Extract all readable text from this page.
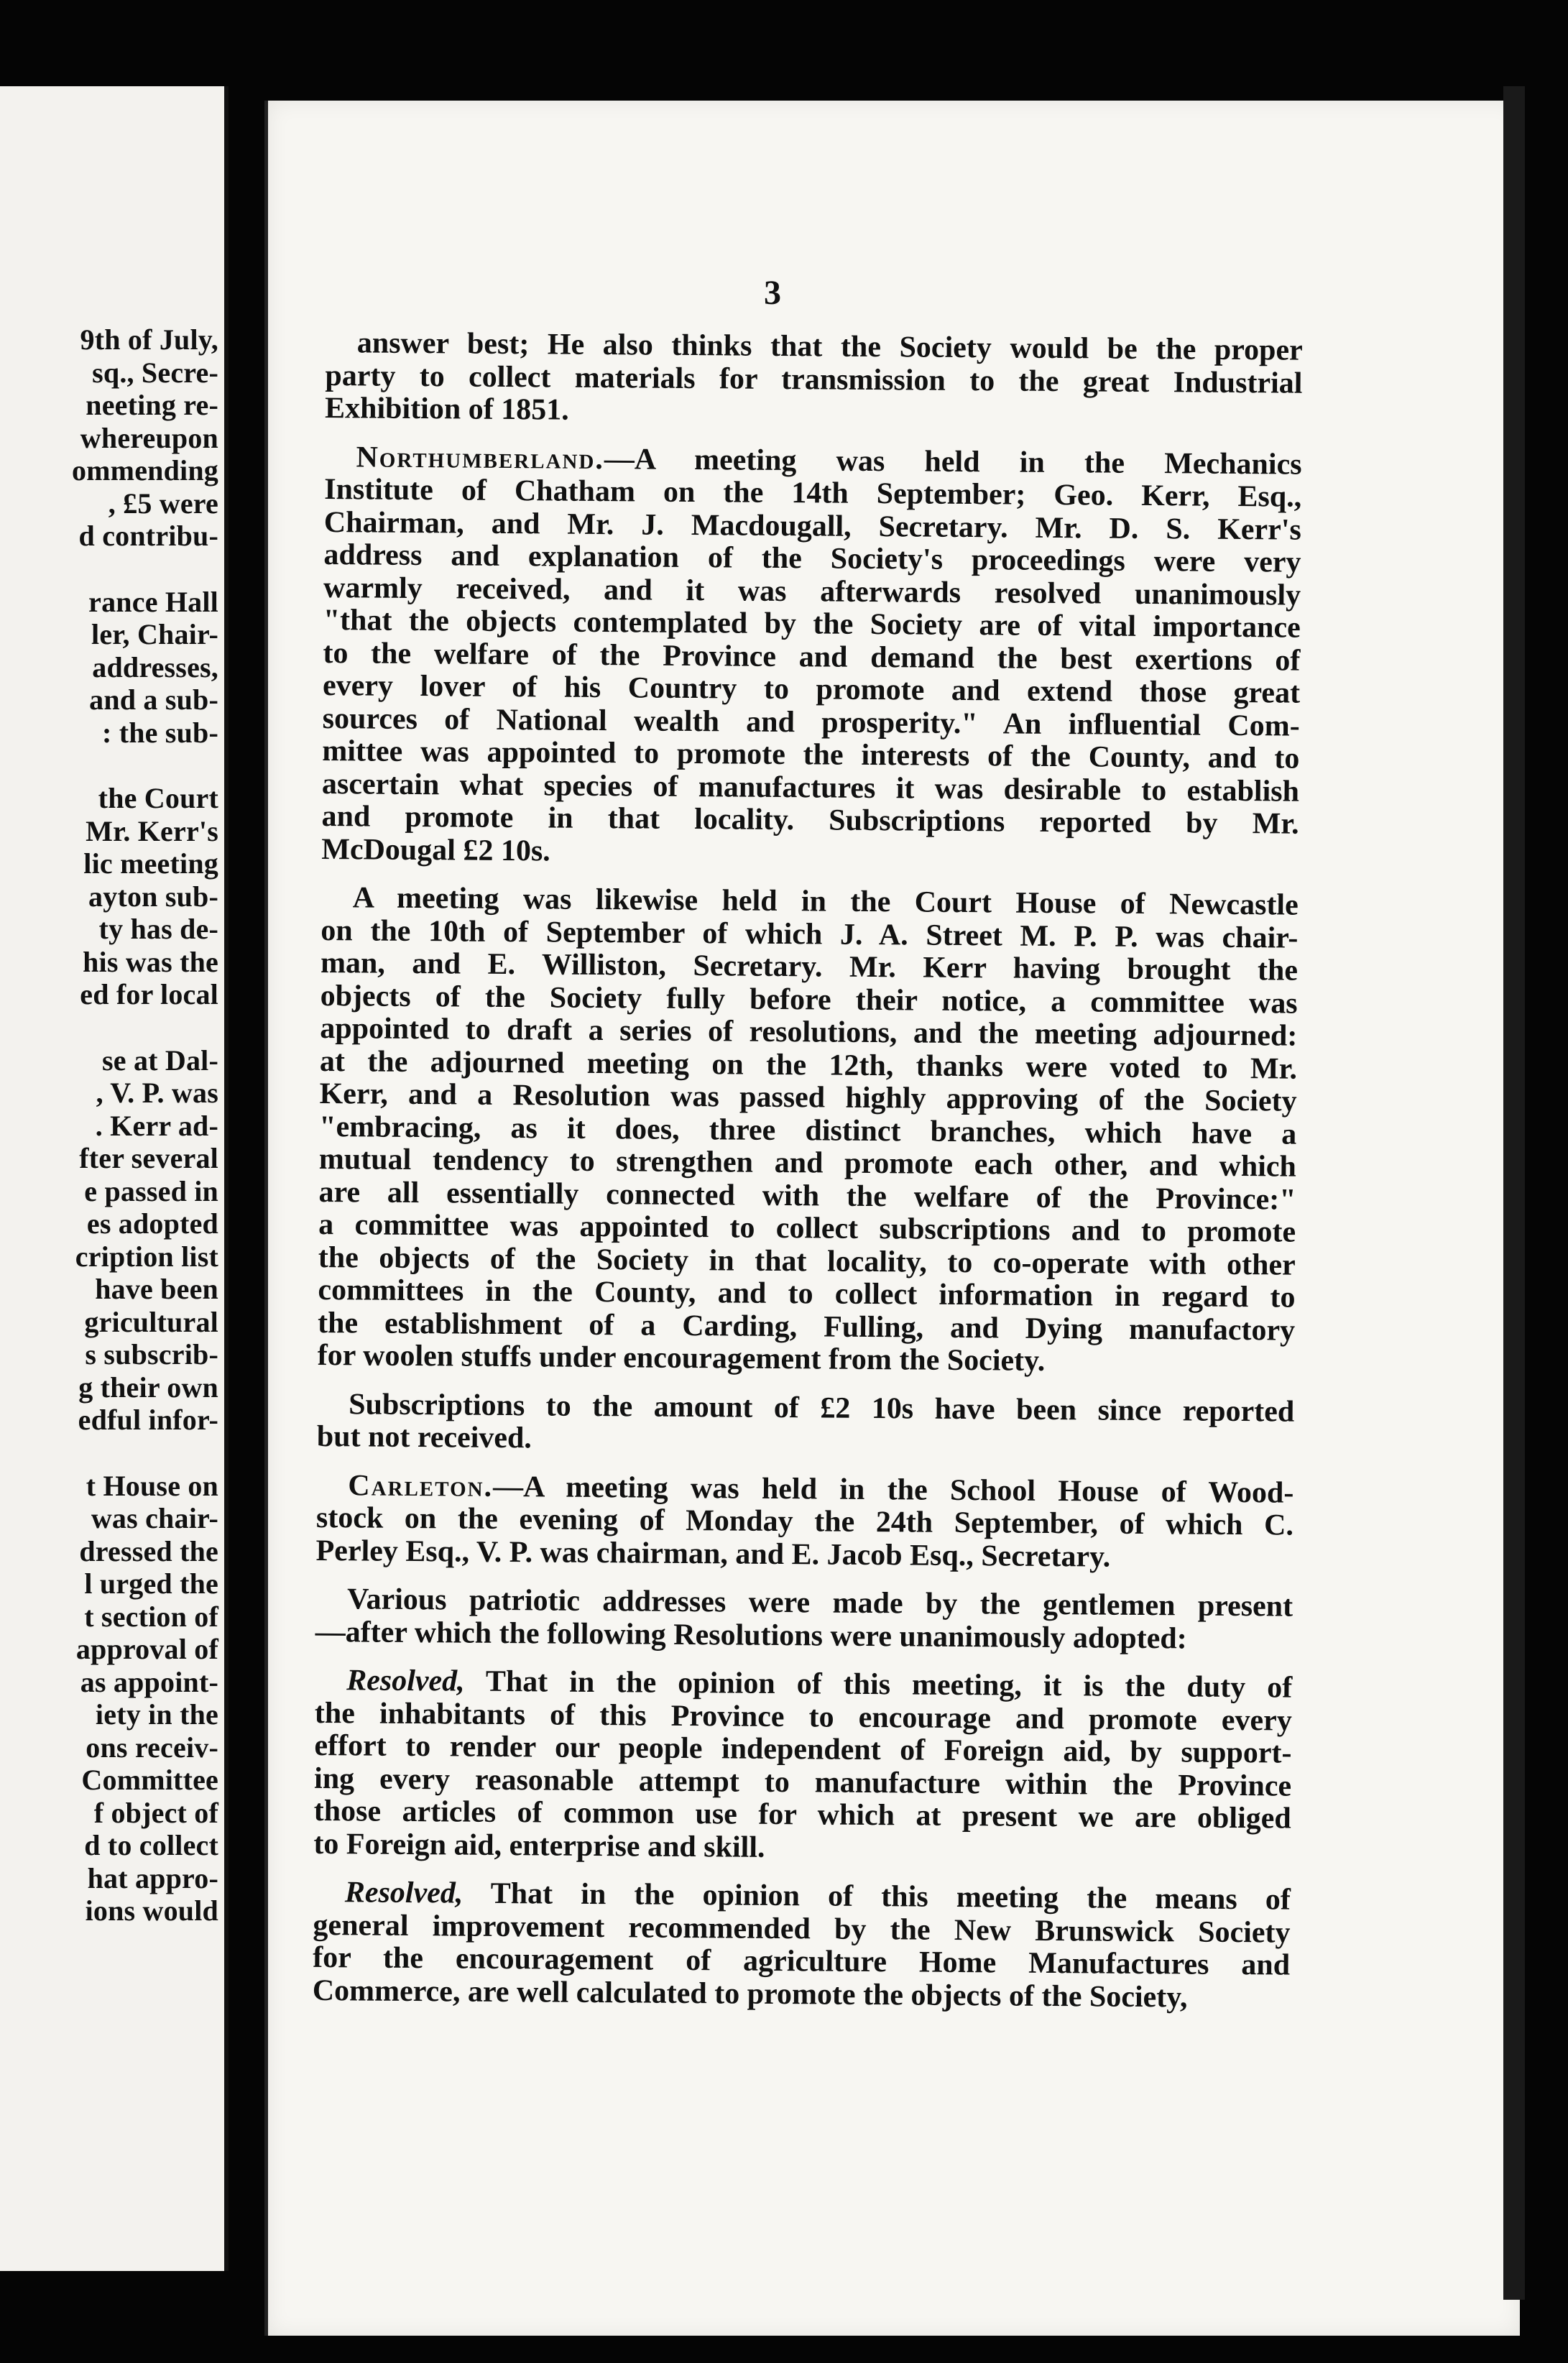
9th of July,
sq., Secre-
neeting re-
whereupon
ommending
, £5 were
d contribu-
rance Hall
ler, Chair-
addresses,
and a sub-
: the sub-
the Court
Mr. Kerr's
lic meeting
ayton sub-
ty has de-
his was the
ed for local
se at Dal-
, V. P. was
. Kerr ad-
fter several
e passed in
es adopted
cription list
have been
gricultural
s subscrib-
g their own
edful infor-
t House on
was chair-
dressed the
l urged the
t section of
approval of
as appoint-
iety in the
ons receiv-
Committee
f object of
d to collect
hat appro-
ions would
3
answer best; He also thinks that the Society would be the proper
party to collect materials for transmission to the great Industrial
Exhibition of 1851.
Northumberland.—A meeting was held in the Mechanics
Institute of Chatham on the 14th September; Geo. Kerr, Esq.,
Chairman, and Mr. J. Macdougall, Secretary. Mr. D. S. Kerr's
address and explanation of the Society's proceedings were very
warmly received, and it was afterwards resolved unanimously
"that the objects contemplated by the Society are of vital importance
to the welfare of the Province and demand the best exertions of
every lover of his Country to promote and extend those great
sources of National wealth and prosperity." An influential Com-
mittee was appointed to promote the interests of the County, and to
ascertain what species of manufactures it was desirable to establish
and promote in that locality. Subscriptions reported by Mr.
McDougal £2 10s.
A meeting was likewise held in the Court House of Newcastle
on the 10th of September of which J. A. Street M. P. P. was chair-
man, and E. Williston, Secretary. Mr. Kerr having brought the
objects of the Society fully before their notice, a committee was
appointed to draft a series of resolutions, and the meeting adjourned:
at the adjourned meeting on the 12th, thanks were voted to Mr.
Kerr, and a Resolution was passed highly approving of the Society
"embracing, as it does, three distinct branches, which have a
mutual tendency to strengthen and promote each other, and which
are all essentially connected with the welfare of the Province:"
a committee was appointed to collect subscriptions and to promote
the objects of the Society in that locality, to co-operate with other
committees in the County, and to collect information in regard to
the establishment of a Carding, Fulling, and Dying manufactory
for woolen stuffs under encouragement from the Society.
Subscriptions to the amount of £2 10s have been since reported
but not received.
Carleton.—A meeting was held in the School House of Wood-
stock on the evening of Monday the 24th September, of which C.
Perley Esq., V. P. was chairman, and E. Jacob Esq., Secretary.
Various patriotic addresses were made by the gentlemen present
—after which the following Resolutions were unanimously adopted:
Resolved, That in the opinion of this meeting, it is the duty of
the inhabitants of this Province to encourage and promote every
effort to render our people independent of Foreign aid, by support-
ing every reasonable attempt to manufacture within the Province
those articles of common use for which at present we are obliged
to Foreign aid, enterprise and skill.
Resolved, That in the opinion of this meeting the means of
general improvement recommended by the New Brunswick Society
for the encouragement of agriculture Home Manufactures and
Commerce, are well calculated to promote the objects of the Society,
